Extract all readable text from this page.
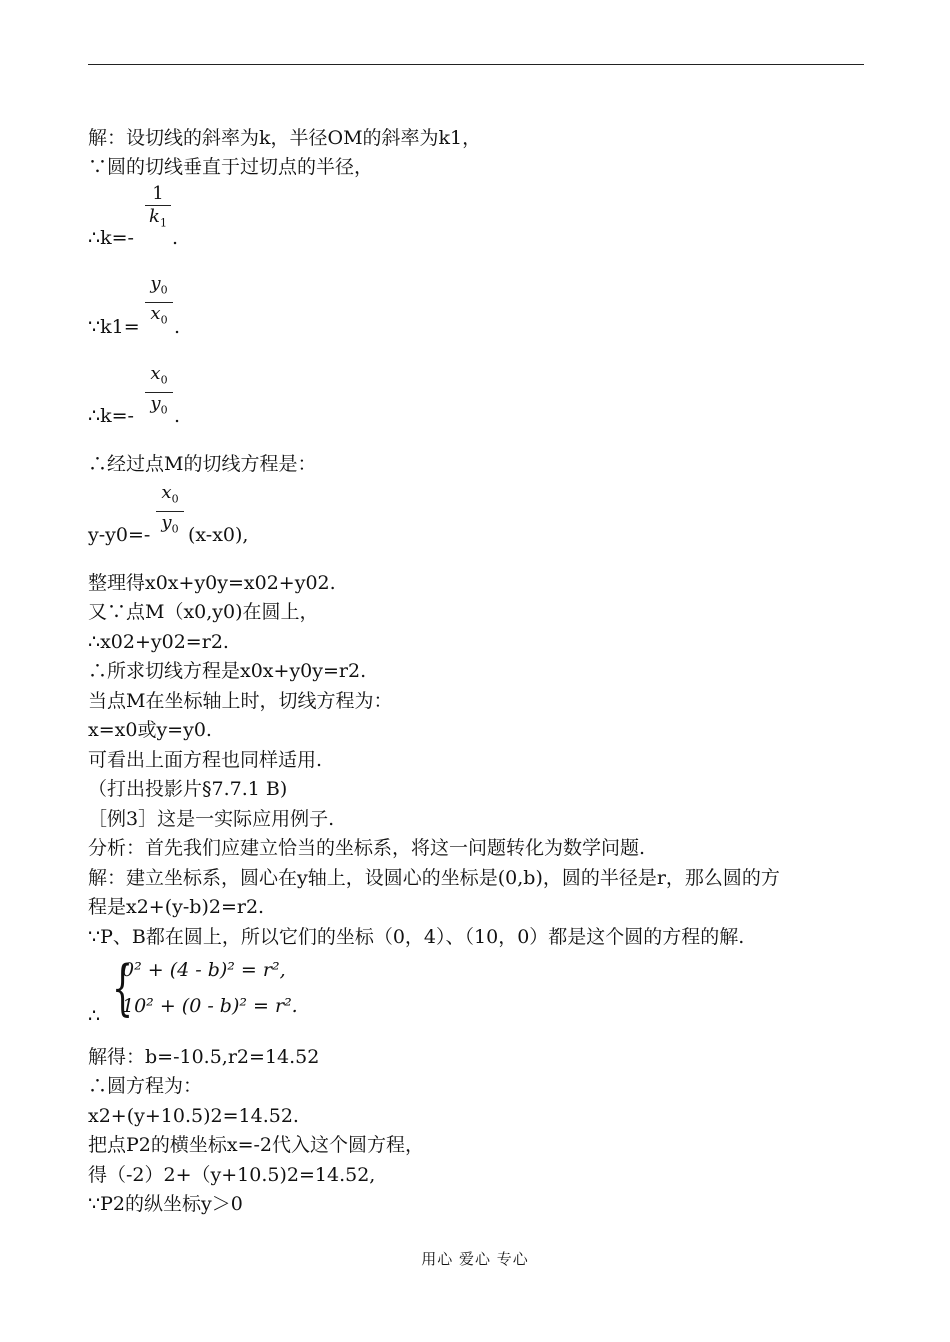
解：设切线的斜率为k，半径OM的斜率为k1，
∵圆的切线垂直于过切点的半径，
1
$k_1$
∴k=- .
$y_0$
$x_0$
∵k1= .
$x_0$
$y_0$
∴k=- .
∴经过点M的切线方程是：
$x_0$
$y_0$
y-y0=- (x-x0),
整理得x0x+y0y=x02+y02.
又∵点M（x0,y0)在圆上，
∴x02+y02=r2.
∴所求切线方程是x0x+y0y=r2.
当点M在坐标轴上时，切线方程为：
x=x0或y=y0.
可看出上面方程也同样适用.
（打出投影片§7.7.1 B)
［例3］这是一实际应用例子.
分析：首先我们应建立恰当的坐标系，将这一问题转化为数学问题.
解：建立坐标系，圆心在y轴上，设圆心的坐标是(0,b)，圆的半径是r，那么圆的方
程是x2+(y-b)2=r2.
∵P、B都在圆上，所以它们的坐标（0，4）、（10，0）都是这个圆的方程的解.
{
0² + (4 - b)² = r²,
10² + (0 - b)² = r².
∴
解得：b=-10.5,r2=14.52
∴圆方程为：
x2+(y+10.5)2=14.52.
把点P2的横坐标x=-2代入这个圆方程，
得（-2）2+（y+10.5)2=14.52,
∵P2的纵坐标y＞0
用心 爱心 专心
